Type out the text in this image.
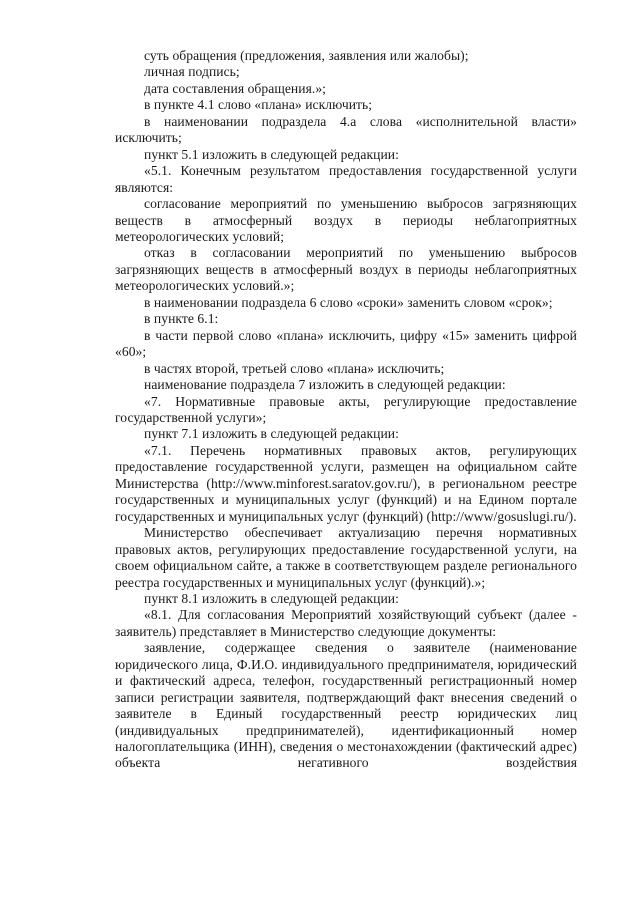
суть обращения (предложения, заявления или жалобы);

личная подпись;

дата составления обращения.»;

в пункте 4.1 слово «плана» исключить;

в наименовании подраздела 4.а слова «исполнительной власти» исключить;

пункт 5.1 изложить в следующей редакции:

«5.1. Конечным результатом предоставления государственной услуги являются:

согласование мероприятий по уменьшению выбросов загрязняющих веществ в атмосферный воздух в периоды неблагоприятных метеорологических условий;

отказ в согласовании мероприятий по уменьшению выбросов загрязняющих веществ в атмосферный воздух в периоды неблагоприятных метеорологических условий.»;

в наименовании подраздела 6 слово «сроки» заменить словом «срок»;

в пункте 6.1:

в части первой слово «плана» исключить, цифру «15» заменить цифрой «60»;

в частях второй, третьей слово «плана» исключить;

наименование подраздела 7 изложить в следующей редакции:

«7. Нормативные правовые акты, регулирующие предоставление государственной услуги»;

пункт 7.1 изложить в следующей редакции:

«7.1. Перечень нормативных правовых актов, регулирующих предоставление государственной услуги, размещен на официальном сайте Министерства (http://www.minforest.saratov.gov.ru/), в региональном реестре государственных и муниципальных услуг (функций) и на Едином портале государственных и муниципальных услуг (функций) (http://www/gosuslugi.ru/).

Министерство обеспечивает актуализацию перечня нормативных правовых актов, регулирующих предоставление государственной услуги, на своем официальном сайте, а также в соответствующем разделе регионального реестра государственных и муниципальных услуг (функций).»;

пункт 8.1 изложить в следующей редакции:

«8.1. Для согласования Мероприятий хозяйствующий субъект (далее - заявитель) представляет в Министерство следующие документы:

заявление, содержащее сведения о заявителе (наименование юридического лица, Ф.И.О. индивидуального предпринимателя, юридический и фактический адреса, телефон, государственный регистрационный номер записи регистрации заявителя, подтверждающий факт внесения сведений о заявителе в Единый государственный реестр юридических лиц (индивидуальных предпринимателей), идентификационный номер налогоплательщика (ИНН), сведения о местонахождении (фактический адрес) объекта негативного воздействия
